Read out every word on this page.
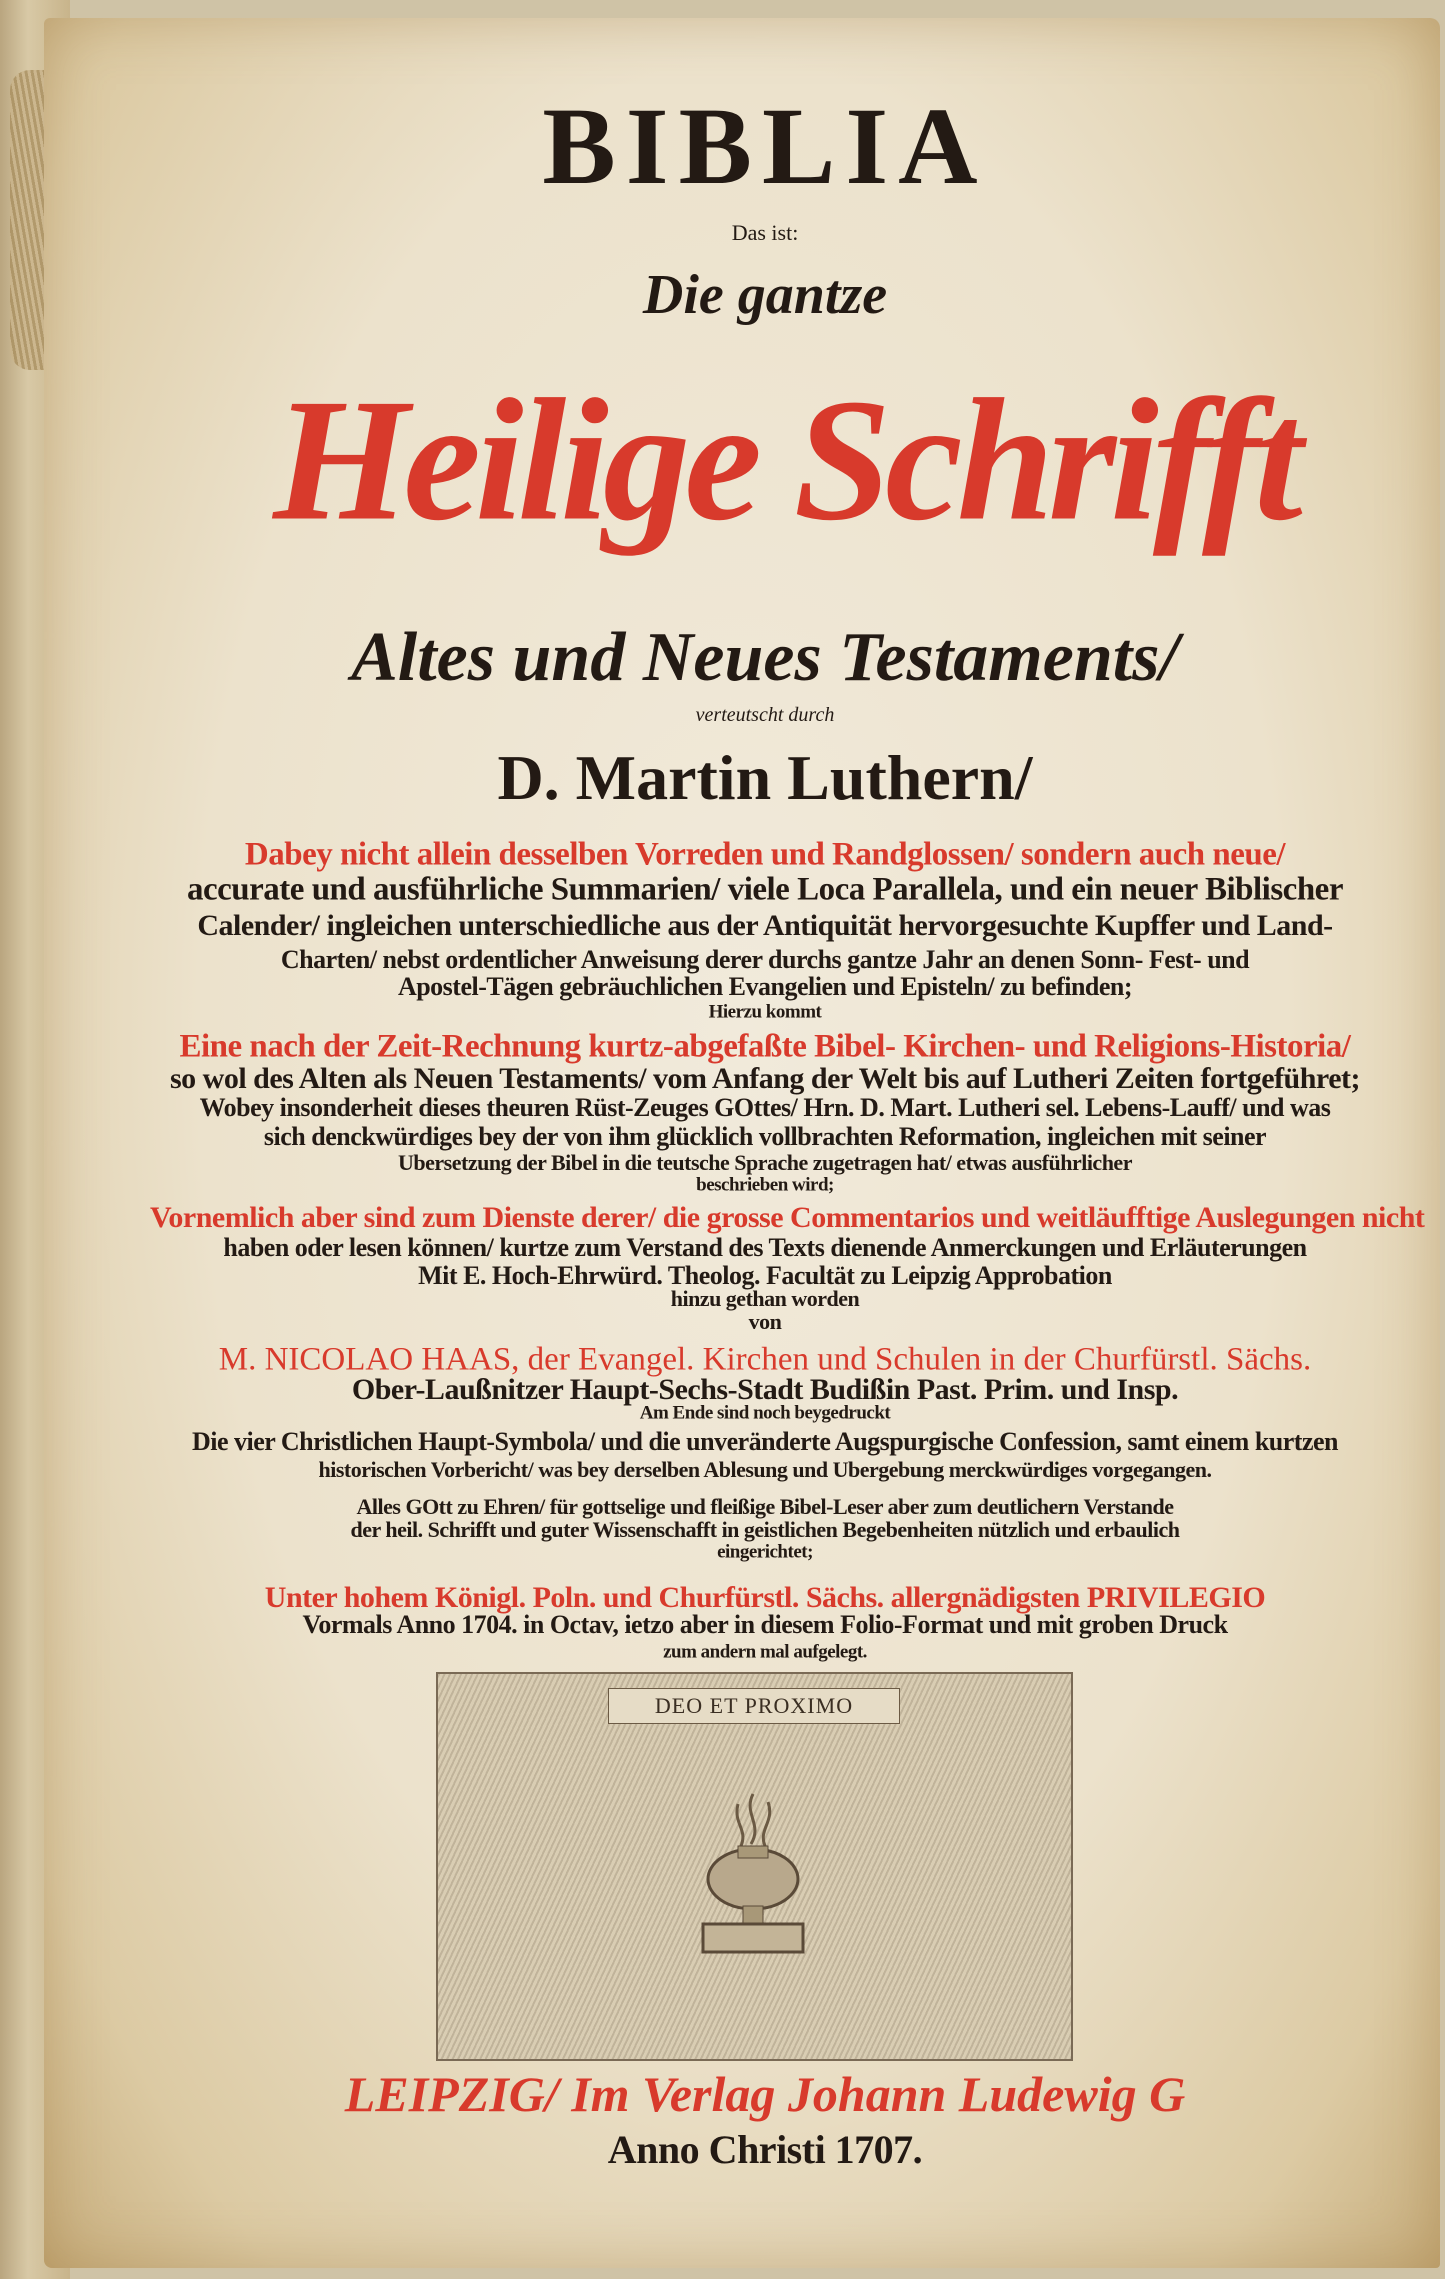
BIBLIA
Das ist:
Die gantze
Heilige Schrifft
Altes und Neues Testaments/
verteutscht durch
D. Martin Luthern/
Dabey nicht allein desselben Vorreden und Randglossen/ sondern auch neue/
accurate und ausführliche Summarien/ viele Loca Parallela, und ein neuer Biblischer
Calender/ ingleichen unterschiedliche aus der Antiquität hervorgesuchte Kupffer und Land-
Charten/ nebst ordentlicher Anweisung derer durchs gantze Jahr an denen Sonn- Fest- und
Apostel-Tägen gebräuchlichen Evangelien und Episteln/ zu befinden;
Hierzu kommt
Eine nach der Zeit-Rechnung kurtz-abgefaßte Bibel- Kirchen- und Religions-Historia/
so wol des Alten als Neuen Testaments/ vom Anfang der Welt bis auf Lutheri Zeiten fortgeführet;
Wobey insonderheit dieses theuren Rüst-Zeuges GOttes/ Hrn. D. Mart. Lutheri sel. Lebens-Lauff/ und was
sich denckwürdiges bey der von ihm glücklich vollbrachten Reformation, ingleichen mit seiner
Ubersetzung der Bibel in die teutsche Sprache zugetragen hat/ etwas ausführlicher
beschrieben wird;
Vornemlich aber sind zum Dienste derer/ die grosse Commentarios und weitläufftige Auslegungen nicht
haben oder lesen können/ kurtze zum Verstand des Texts dienende Anmerckungen und Erläuterungen
Mit E. Hoch-Ehrwürd. Theolog. Facultät zu Leipzig Approbation
hinzu gethan worden
von
M. NICOLAO HAAS, der Evangel. Kirchen und Schulen in der Churfürstl. Sächs.
Ober-Laußnitzer Haupt-Sechs-Stadt Budißin Past. Prim. und Insp.
Am Ende sind noch beygedruckt
Die vier Christlichen Haupt-Symbola/ und die unveränderte Augspurgische Confession, samt einem kurtzen
historischen Vorbericht/ was bey derselben Ablesung und Ubergebung merckwürdiges vorgegangen.
Alles GOtt zu Ehren/ für gottselige und fleißige Bibel-Leser aber zum deutlichern Verstande
der heil. Schrifft und guter Wissenschafft in geistlichen Begebenheiten nützlich und erbaulich
eingerichtet;
Unter hohem Königl. Poln. und Churfürstl. Sächs. allergnädigsten PRIVILEGIO
Vormals Anno 1704. in Octav, ietzo aber in diesem Folio-Format und mit groben Druck
zum andern mal aufgelegt.
DEO ET PROXIMO
LEIPZIG/ Im Verlag Johann Ludewig G
Anno Christi 1707.
